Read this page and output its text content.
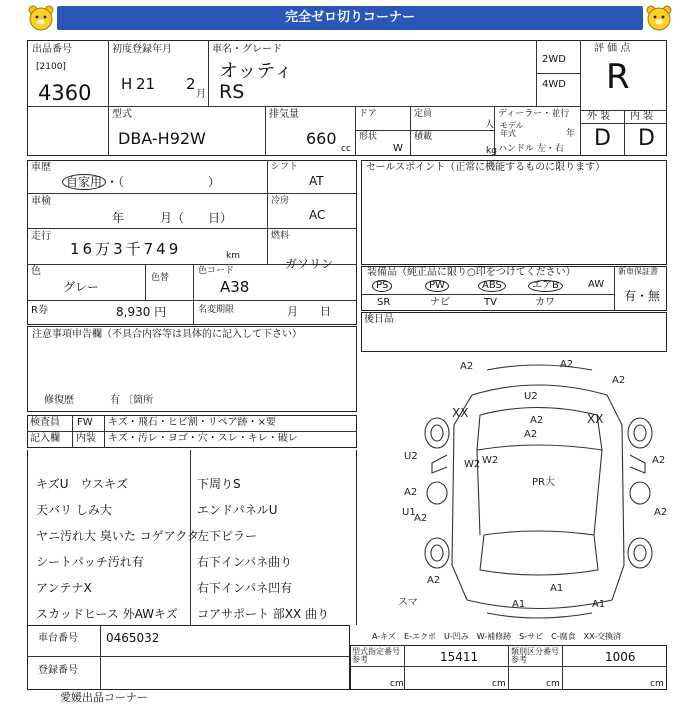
完全ゼロ切りコーナー
出品番号
[2100]
4360
初度登録年月
H 21 2
月
車名・グレード
オッティ
RS
2WD
4WD
評 価 点
R
型式
DBA-H92W
排気量
660
cc
ドア	定員
人
形状
W
積載
kg
ディーラー・並行
モデル 年式	年
ハンドル 左・右
外 装 内 装
D D
車歴
自家用 ・（　　　　　　　）
車検
年　　　月（　　日）
走行
16万3千749	km
色
グレー
色替
色コード
A38
R券	8,930 円	名変期限	月　　日
シフト
AT
冷房
AC
燃料
ガソリン
セールスポイント（正常に機能するものに限ります）
装備品（純正品に限り○印をつけてください）	新車保証書
有・無
PS	PW	ABS	エアB	AW
SR	ナビ	TV	カワ
後日品
注意事項申告欄（不具合内容等は具体的に記入して下さい）
修復歴	有 〔箇所
検査員
記入欄
FW キズ・飛石・ヒビ割・リペア跡・×要
内装 キズ・汚レ・ヨゴ・穴・スレ・キレ・破レ
キズU　ウスキズ
天バリ しみ大
ヤニ汚れ大 臭いた コゲアクタ
シートパッチ汚れ有
アンテナX
スカッドヒース 外AWキズ
下周りS
エンドパネルU
左下ピラー
右下インパネ曲り
右下インパネ凹有
コアサポート 部XX 曲り
A2	A2
A2
U2
XX
A2	XX
A2
W2
U2
W2	A2
A2
A2
PR大
A2
U1
A1	A1
A2
A1
スマ
車台番号 0465032
登録番号
A-キズ　E-エクボ　U-凹み　W-補修跡　S-サビ　C-腐食　XX-交換済
型式指定番号 参考	15411	類別区分番号 参考	1006
cm	cm	cm	cm
愛媛出品コーナー
